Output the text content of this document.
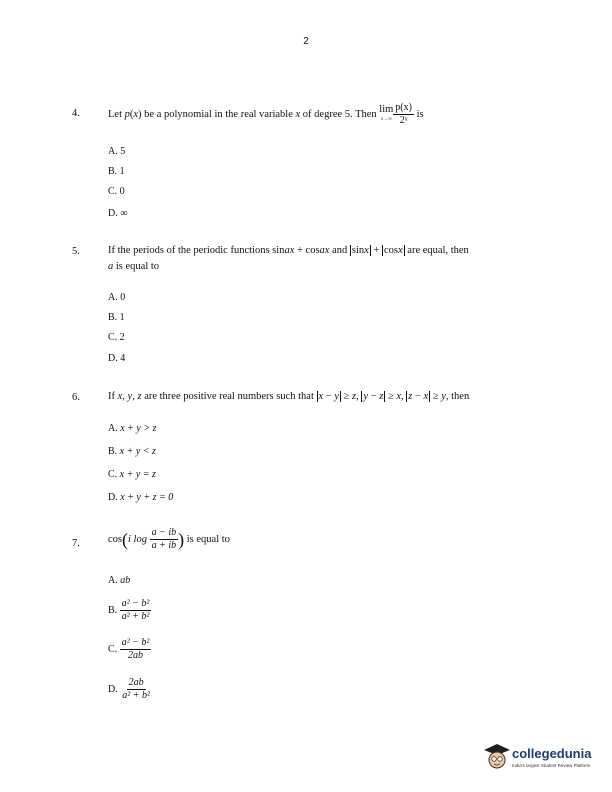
2
4.	Let p(x) be a polynomial in the real variable x of degree 5. Then lim
$x\to\infty \frac{p(x)}{\text{2ˣ}}$ is
A. 5
B. 1
C. 0
D. ∞
5.	If the periods of the periodic functions sinax + cosax and sinx + cosx are equal, then
a is equal to
A. 0
B. 1
C. 2
D. 4
6.	If x, y, z are three positive real numbers such that x − y ≥ z, y − z ≥ x, z − x ≥ y, then
A. x + y > z
B. x + y < z
C. x + y = z
D. x + y + z = 0
7.	cos(i $\log \frac{a - ib}{a + ib}$ ) is equal to
A. ab
B. $\frac{\text{a² − b²}}{\text{a² + b²}}$
C. $\frac{\text{a² − b²}}{2ab}$
D. $\frac{2ab}{\text{a² + b²}}$
collegedunia
India's largest Student Review Platform
